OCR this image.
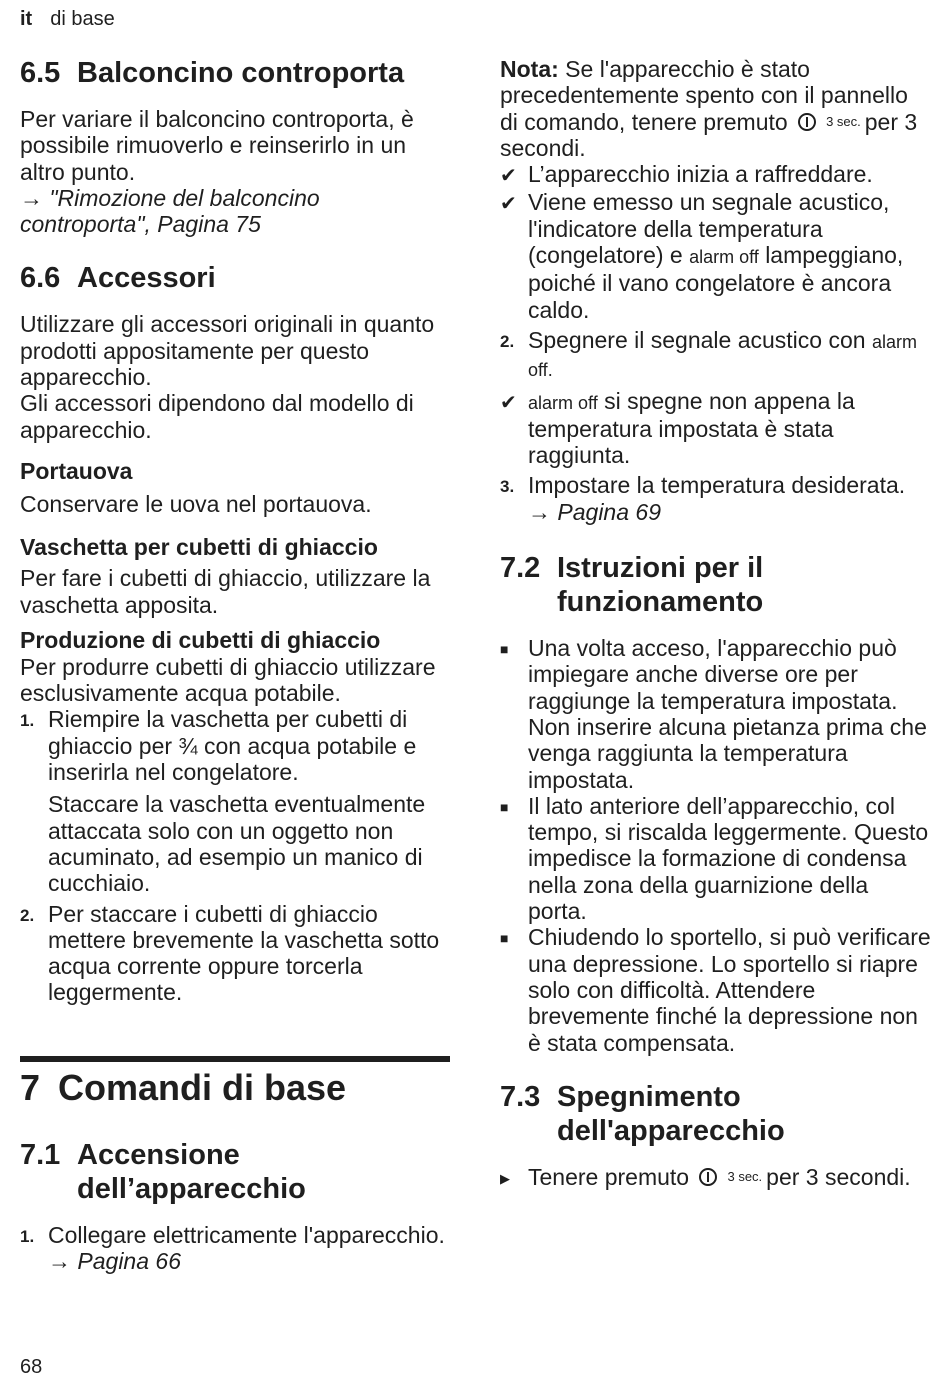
it di base
6.5 Balconcino controporta

Per variare il balconcino controporta, è possibile rimuoverlo e reinserirlo in un altro punto.

→ "Rimozione del balconcino controporta", Pagina 75

6.6 Accessori

Utilizzare gli accessori originali in quanto prodotti appositamente per questo apparecchio.

Gli accessori dipendono dal modello di apparecchio.

Portauova

Conservare le uova nel portauova.

Vaschetta per cubetti di ghiaccio

Per fare i cubetti di ghiaccio, utilizzare la vaschetta apposita.

Produzione di cubetti di ghiaccio

Per produrre cubetti di ghiaccio utilizzare esclusivamente acqua potabile.

1. Riempire la vaschetta per cubetti di ghiaccio per ¾ con acqua potabile e inserirla nel congelatore.

Staccare la vaschetta eventualmente attaccata solo con un oggetto non acuminato, ad esempio un manico di cucchiaio.

2. Per staccare i cubetti di ghiaccio mettere brevemente la vaschetta sotto acqua corrente oppure torcerla leggermente.

7 Comandi di base
7.1 Accensione dell’apparecchio
1. Collegare elettricamente l'apparecchio. → Pagina 66

Nota: Se l'apparecchio è stato precedentemente spento con il pannello di comando, tenere premuto	3 sec. per 3 secondi.

✔ L’apparecchio inizia a raffreddare.

✔ Viene emesso un segnale acustico, l'indicatore della temperatura (congelatore) e alarm off lampeggiano, poiché il vano congelatore è ancora caldo.

2. Spegnere il segnale acustico con alarm off.

✔ alarm off si spegne non appena la temperatura impostata è stata raggiunta.

3. Impostare la temperatura desiderata. → Pagina 69

7.2 Istruzioni per il funzionamento
■ Una volta acceso, l'apparecchio può impiegare anche diverse ore per raggiunge la temperatura impostata.

Non inserire alcuna pietanza prima che venga raggiunta la temperatura impostata.

■ Il lato anteriore dell’apparecchio, col tempo, si riscalda leggermente. Questo impedisce la formazione di condensa nella zona della guarnizione della porta.

■ Chiudendo lo sportello, si può verificare una depressione. Lo sportello si riapre solo con difficoltà. Attendere brevemente finché la depressione non è stata compensata.

7.3 Spegnimento dell'apparecchio
▶ Tenere premuto	3 sec. per 3 secondi.

68
